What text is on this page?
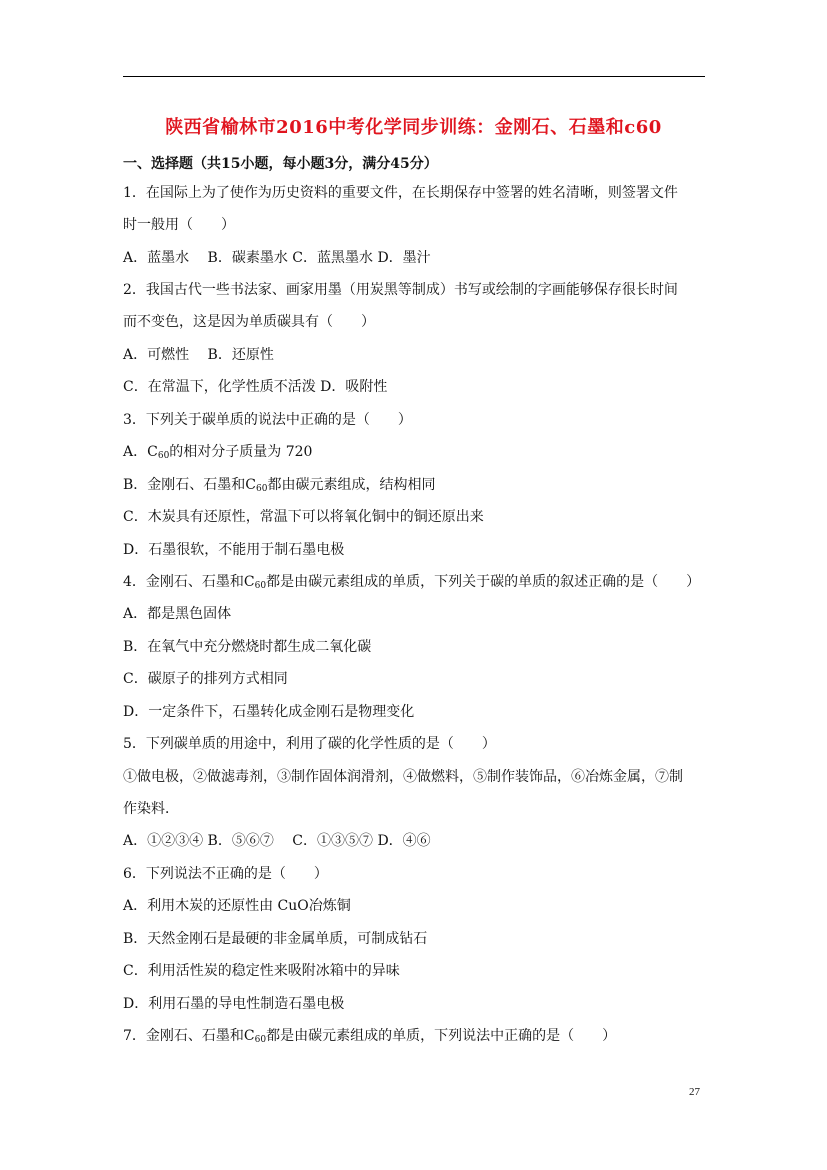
陕西省榆林市2016中考化学同步训练：金刚石、石墨和c60
一、选择题（共15小题，每小题3分，满分45分）
1．在国际上为了使作为历史资料的重要文件，在长期保存中签署的姓名清晰，则签署文件
时一般用（　　）
A．蓝墨水　 B．碳素墨水 C．蓝黑墨水 D．墨汁
2．我国古代一些书法家、画家用墨（用炭黑等制成）书写或绘制的字画能够保存很长时间
而不变色，这是因为单质碳具有（　　）
A．可燃性　 B．还原性
C．在常温下，化学性质不活泼 D．吸附性
3．下列关于碳单质的说法中正确的是（　　）
A．$C_{60}$的相对分子质量为 720
B．金刚石、石墨和$C_{60}$都由碳元素组成，结构相同
C．木炭具有还原性，常温下可以将氧化铜中的铜还原出来
D．石墨很软，不能用于制石墨电极
4．金刚石、石墨和$C_{60}$都是由碳元素组成的单质，下列关于碳的单质的叙述正确的是（　　）
A．都是黑色固体
B．在氧气中充分燃烧时都生成二氧化碳
C．碳原子的排列方式相同
D．一定条件下，石墨转化成金刚石是物理变化
5．下列碳单质的用途中，利用了碳的化学性质的是（　　）
①做电极，②做滤毒剂，③制作固体润滑剂，④做燃料，⑤制作装饰品，⑥冶炼金属，⑦制
作染料．
A．①②③④ B．⑤⑥⑦　 C．①③⑤⑦ D．④⑥
6．下列说法不正确的是（　　）
A．利用木炭的还原性由 CuO冶炼铜
B．天然金刚石是最硬的非金属单质，可制成钻石
C．利用活性炭的稳定性来吸附冰箱中的异味
D．利用石墨的导电性制造石墨电极
7．金刚石、石墨和$C_{60}$都是由碳元素组成的单质，下列说法中正确的是（　　）
27
